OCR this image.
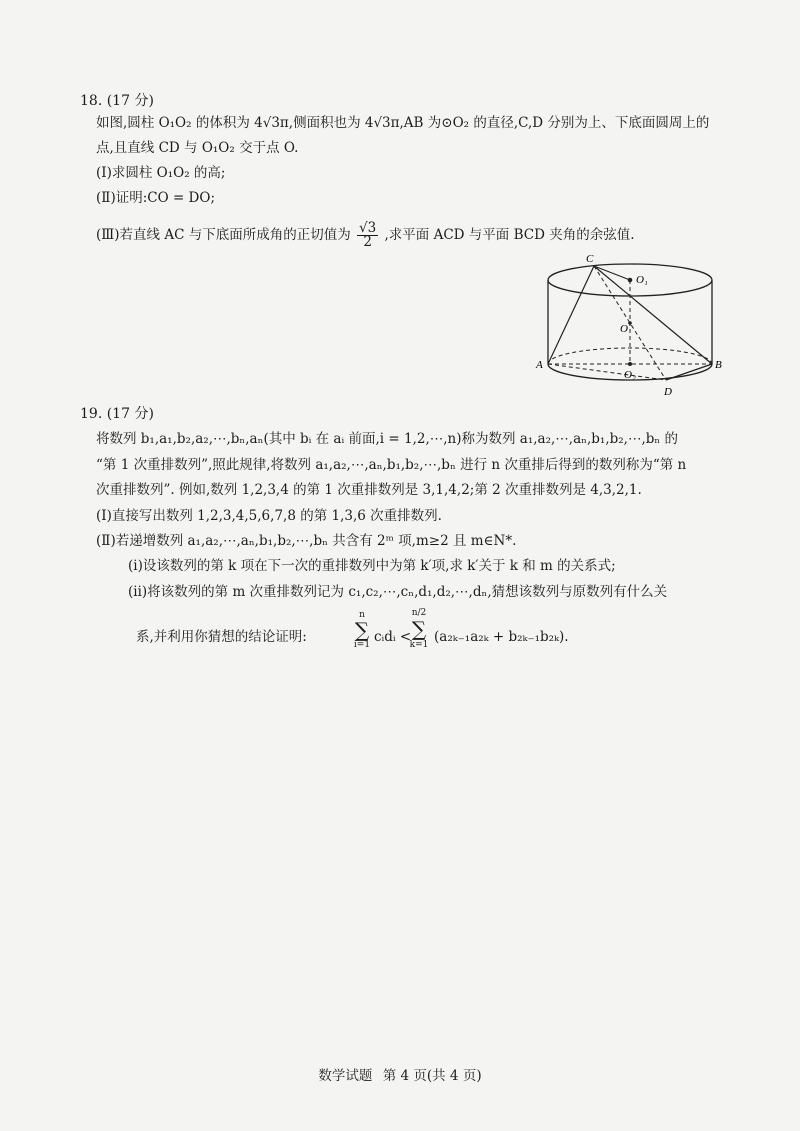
18. (17 分)
如图,圆柱 O₁O₂ 的体积为 4√3π,侧面积也为 4√3π,AB 为⊙O₂ 的直径,C,D 分别为上、下底面圆周上的
点,且直线 CD 与 O₁O₂ 交于点 O.
(Ⅰ)求圆柱 O₁O₂ 的高;
(Ⅱ)证明:CO = DO;
(Ⅲ)若直线 AC 与下底面所成角的正切值为 $\frac{√3}{2}$ ,求平面 ACD 与平面 BCD 夹角的余弦值.
C
O₁
O
A	B
O₂
D
19. (17 分)
将数列 b₁,a₁,b₂,a₂,⋯,bₙ,aₙ(其中 bᵢ 在 aᵢ 前面,i = 1,2,⋯,n)称为数列 a₁,a₂,⋯,aₙ,b₁,b₂,⋯,bₙ 的
“第 1 次重排数列”,照此规律,将数列 a₁,a₂,⋯,aₙ,b₁,b₂,⋯,bₙ 进行 n 次重排后得到的数列称为“第 n
次重排数列”. 例如,数列 1,2,3,4 的第 1 次重排数列是 3,1,4,2;第 2 次重排数列是 4,3,2,1.
(Ⅰ)直接写出数列 1,2,3,4,5,6,7,8 的第 1,3,6 次重排数列.
(Ⅱ)若递增数列 a₁,a₂,⋯,aₙ,b₁,b₂,⋯,bₙ 共含有 2ᵐ 项,m≥2 且 m∈N*.
(ⅰ)设该数列的第 k 项在下一次的重排数列中为第 k′项,求 k′关于 k 和 m 的关系式;
(ⅱ)将该数列的第 m 次重排数列记为 c₁,c₂,⋯,cₙ,d₁,d₂,⋯,dₙ,猜想该数列与原数列有什么关
系,并利用你猜想的结论证明:
n
∑
i=1 cᵢdᵢ <
n/2
∑
k=1 (a₂ₖ₋₁a₂ₖ + b₂ₖ₋₁b₂ₖ).
数学试题 第 4 页(共 4 页)
